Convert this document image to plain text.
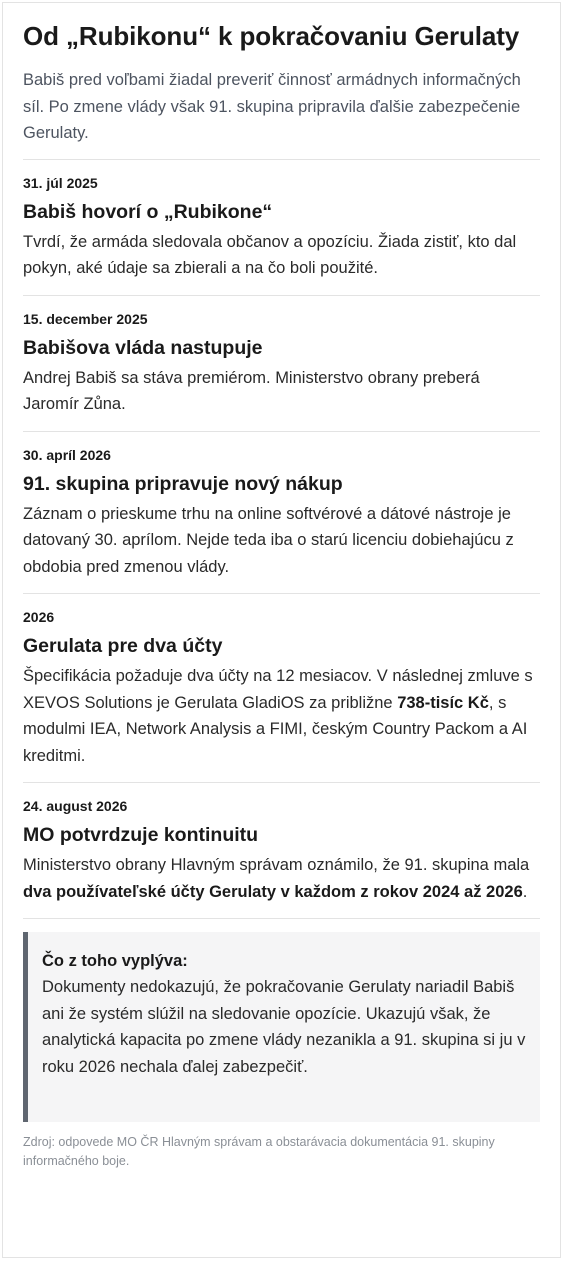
Od „Rubikonu“ k pokračovaniu Gerulaty

Babiš pred voľbami žiadal preveriť činnosť armádnych informačných síl. Po zmene vlády však 91. skupina pripravila ďalšie zabezpečenie Gerulaty.

31. júl 2025
Babiš hovorí o „Rubikone“

Tvrdí, že armáda sledovala občanov a opozíciu. Žiada zistiť, kto dal pokyn, aké údaje sa zbierali a na čo boli použité.

15. december 2025
Babišova vláda nastupuje

Andrej Babiš sa stáva premiérom. Ministerstvo obrany preberá Jaromír Zůna.

30. apríl 2026
91. skupina pripravuje nový nákup

Záznam o prieskume trhu na online softvérové a dátové nástroje je datovaný 30. aprílom. Nejde teda iba o starú licenciu dobiehajúcu z obdobia pred zmenou vlády.

2026
Gerulata pre dva účty

Špecifikácia požaduje dva účty na 12 mesiacov. V následnej zmluve s XEVOS Solutions je Gerulata GladiOS za približne 738-tisíc Kč, s modulmi IEA, Network Analysis a FIMI, českým Country Packom a AI kreditmi.

24. august 2026
MO potvrdzuje kontinuitu

Ministerstvo obrany Hlavným správam oznámilo, že 91. skupina mala dva používateľské účty Gerulaty v každom z rokov 2024 až 2026.

Čo z toho vyplýva:

Dokumenty nedokazujú, že pokračovanie Gerulaty nariadil Babiš ani že systém slúžil na sledovanie opozície. Ukazujú však, že analytická kapacita po zmene vlády nezanikla a 91. skupina si ju v roku 2026 nechala ďalej zabezpečiť.

Zdroj: odpovede MO ČR Hlavným správam a obstarávacia dokumentácia 91. skupiny informačného boje.
